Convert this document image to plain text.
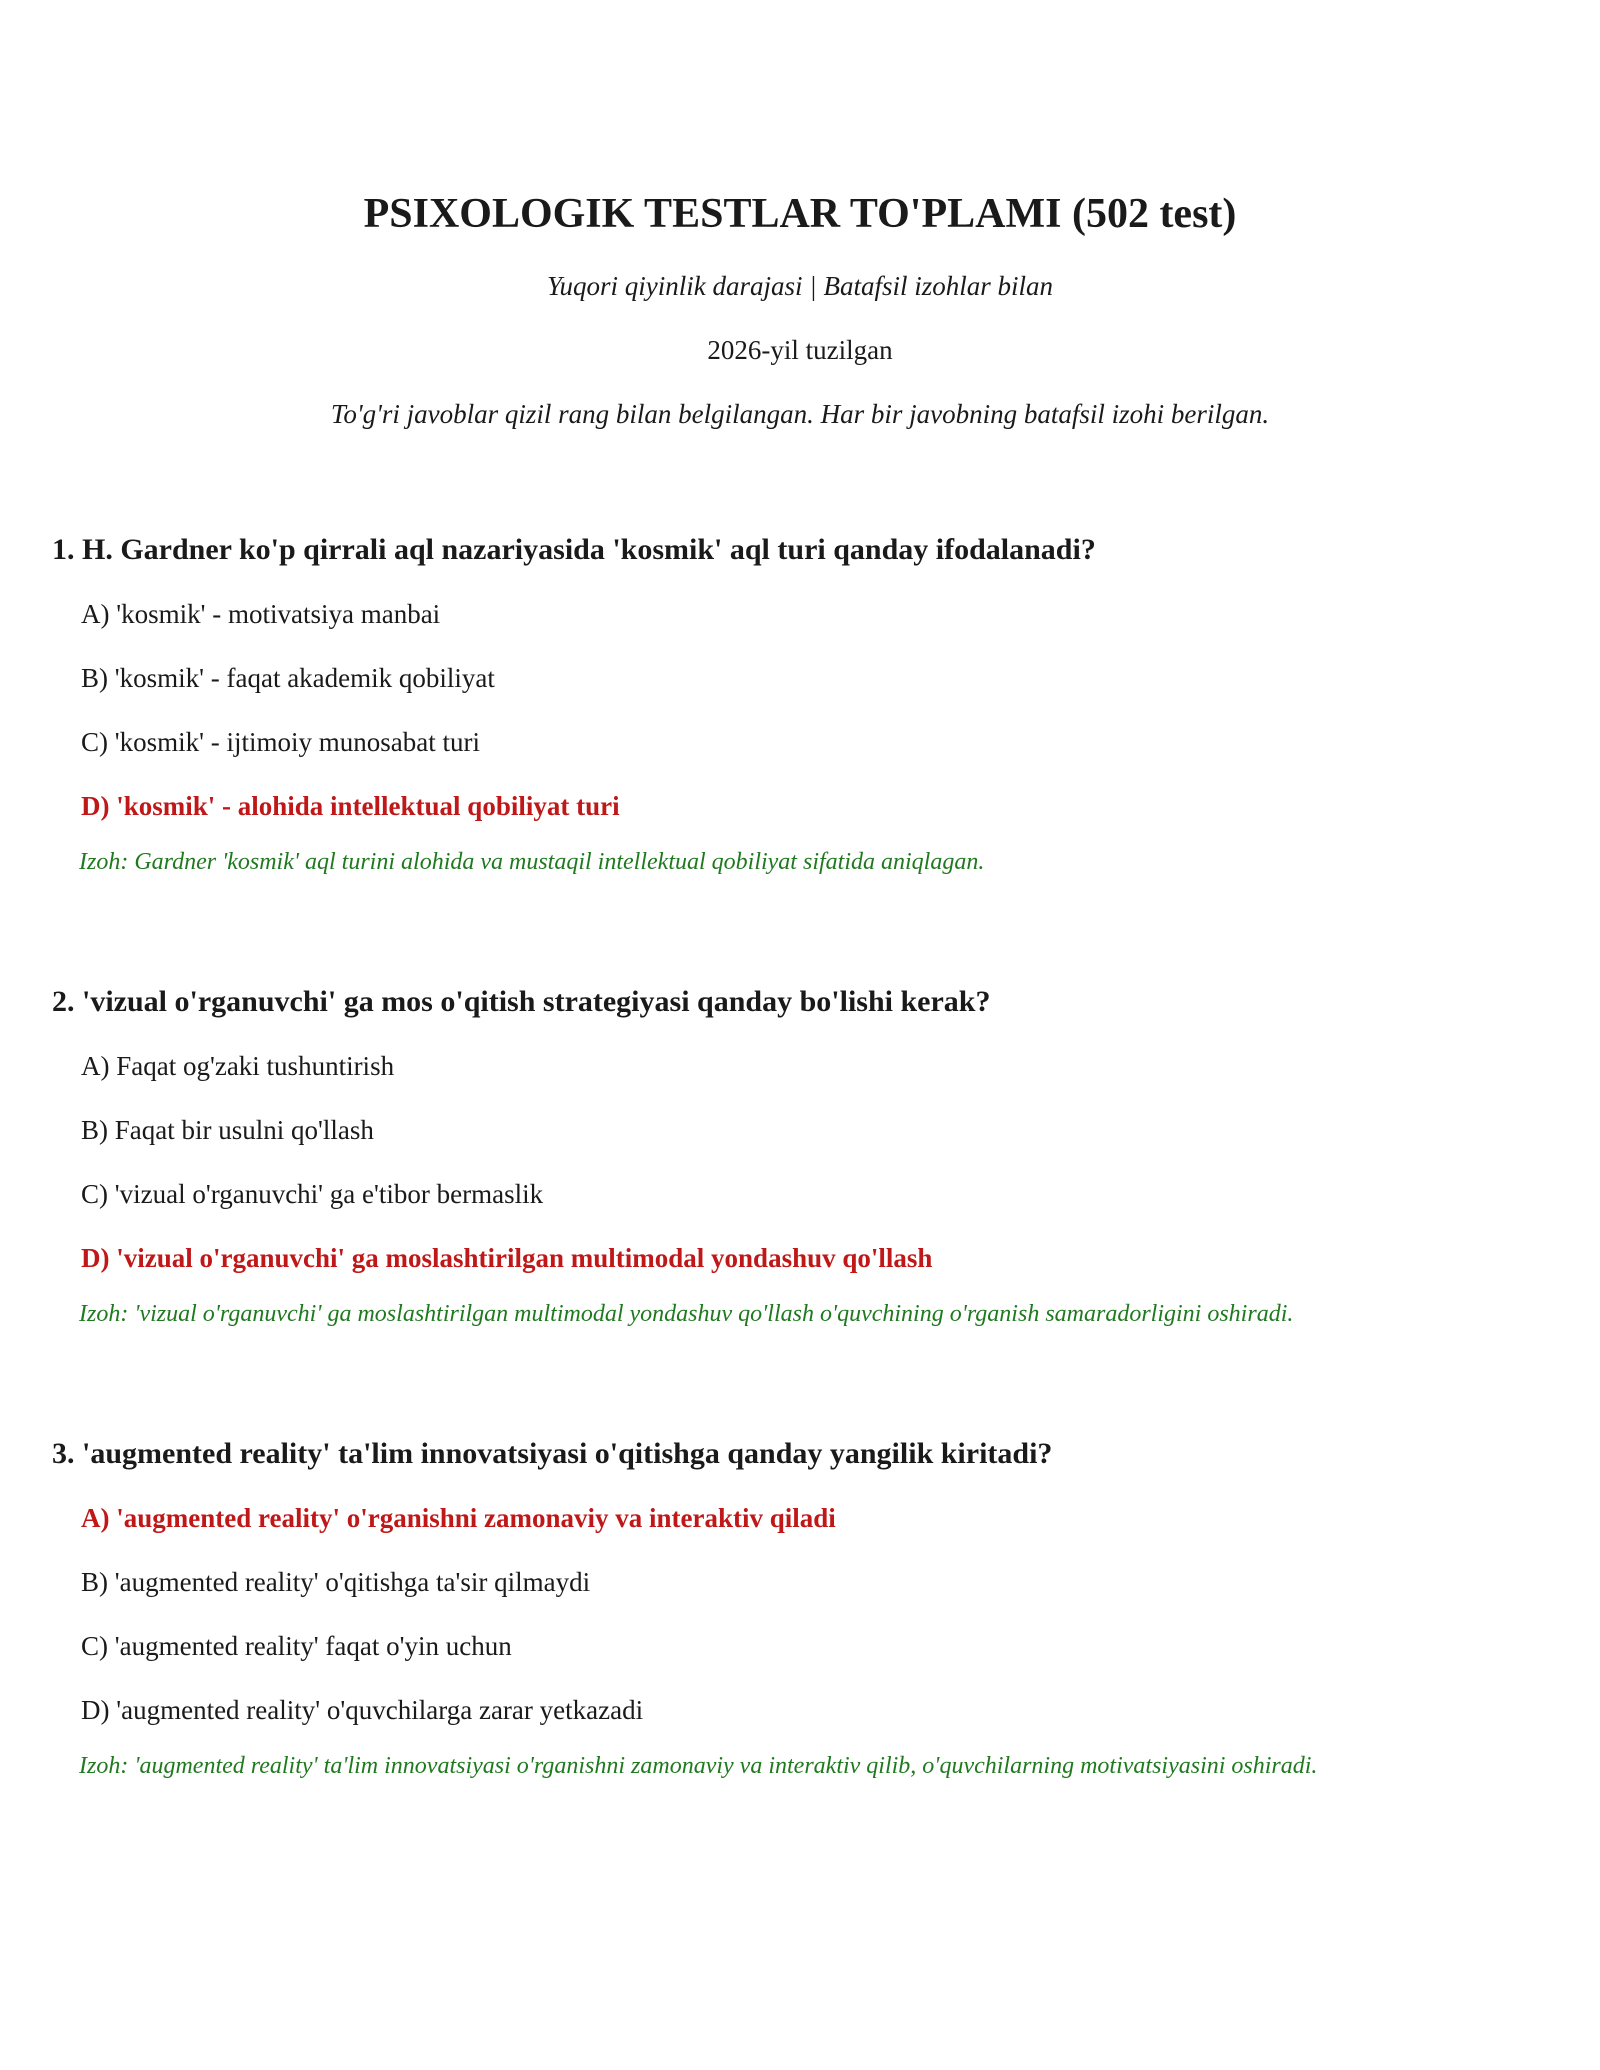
PSIXOLOGIK TESTLAR TO'PLAMI (502 test)

Yuqori qiyinlik darajasi | Batafsil izohlar bilan

2026-yil tuzilgan

To'g'ri javoblar qizil rang bilan belgilangan. Har bir javobning batafsil izohi berilgan.

1. H. Gardner ko'p qirrali aql nazariyasida 'kosmik' aql turi qanday ifodalanadi?

A) 'kosmik' - motivatsiya manbai
B) 'kosmik' - faqat akademik qobiliyat
C) 'kosmik' - ijtimoiy munosabat turi
D) 'kosmik' - alohida intellektual qobiliyat turi

Izoh: Gardner 'kosmik' aql turini alohida va mustaqil intellektual qobiliyat sifatida aniqlagan.

2. 'vizual o'rganuvchi' ga mos o'qitish strategiyasi qanday bo'lishi kerak?

A) Faqat og'zaki tushuntirish
B) Faqat bir usulni qo'llash
C) 'vizual o'rganuvchi' ga e'tibor bermaslik
D) 'vizual o'rganuvchi' ga moslashtirilgan multimodal yondashuv qo'llash

Izoh: 'vizual o'rganuvchi' ga moslashtirilgan multimodal yondashuv qo'llash o'quvchining o'rganish samaradorligini oshiradi.

3. 'augmented reality' ta'lim innovatsiyasi o'qitishga qanday yangilik kiritadi?

A) 'augmented reality' o'rganishni zamonaviy va interaktiv qiladi
B) 'augmented reality' o'qitishga ta'sir qilmaydi
C) 'augmented reality' faqat o'yin uchun
D) 'augmented reality' o'quvchilarga zarar yetkazadi

Izoh: 'augmented reality' ta'lim innovatsiyasi o'rganishni zamonaviy va interaktiv qilib, o'quvchilarning motivatsiyasini oshiradi.
